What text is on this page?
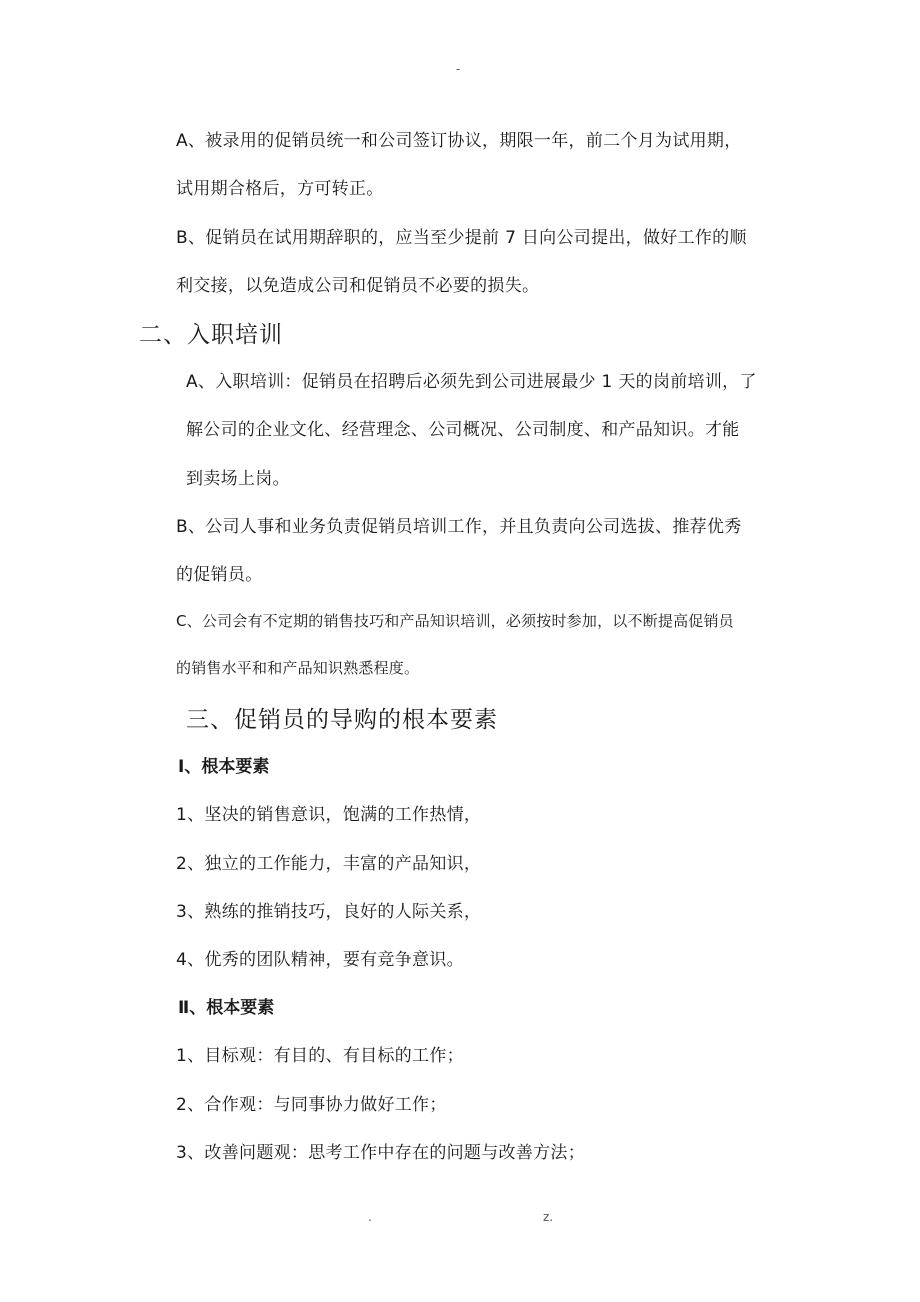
-
A、被录用的促销员统一和公司签订协议，期限一年，前二个月为试用期，
试用期合格后，方可转正。
B、促销员在试用期辞职的，应当至少提前 7 日向公司提出，做好工作的顺
利交接，以免造成公司和促销员不必要的损失。
二、入职培训
A、入职培训：促销员在招聘后必须先到公司进展最少 1 天的岗前培训，了
解公司的企业文化、经营理念、公司概况、公司制度、和产品知识。才能
到卖场上岗。
B、公司人事和业务负责促销员培训工作，并且负责向公司选拔、推荐优秀
的促销员。
C、公司会有不定期的销售技巧和产品知识培训，必须按时参加，以不断提高促销员
的销售水平和和产品知识熟悉程度。
三、促销员的导购的根本要素
Ⅰ、根本要素
1、坚决的销售意识，饱满的工作热情，
2、独立的工作能力，丰富的产品知识，
3、熟练的推销技巧，良好的人际关系，
4、优秀的团队精神，要有竞争意识。
Ⅱ、根本要素
1、目标观：有目的、有目标的工作；
2、合作观：与同事协力做好工作；
3、改善问题观：思考工作中存在的问题与改善方法；
.	z.
